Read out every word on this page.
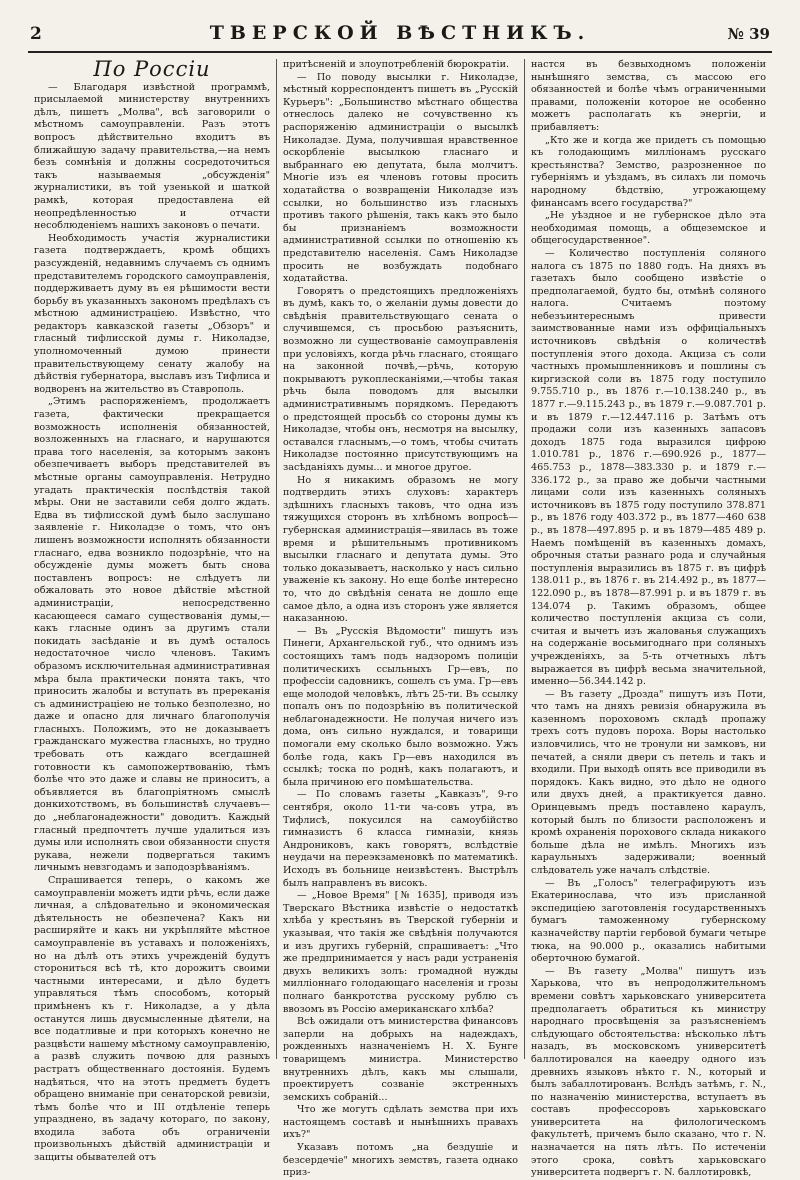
2	ТВЕРСКОЙ ВѢСТНИКЪ.	№ 39
По Россіи

— Благодаря извѣстной программѣ, присылаемой министерству внутреннихъ дѣлъ, пишетъ „Молва", всѣ заговорили о мѣстномъ самоуправленіи. Разъ этотъ вопросъ дѣйствительно входитъ въ ближайшую задачу правительства,—на немъ безъ сомнѣнія и должны сосредоточиться такъ называемыя „обсужденія" журналистики, въ той узенькой и шаткой рамкѣ, которая предоставлена ей неопредѣленностью и отчасти несоблюденіемъ нашихъ законовъ о печати.

Необходимость участія журналистики газета подтверждаетъ, кромѣ общихъ разсужденій, недавнимъ случаемъ съ однимъ представителемъ городского самоуправленія, поддерживаетъ думу въ ея рѣшимости вести борьбу въ указанныхъ закономъ предѣлахъ съ мѣстною администраціею. Извѣстно, что редакторъ кавказской газеты „Обзоръ" и гласный тифлисской думы г. Николадзе, уполномоченный думою принести правительствующему сенату жалобу на дѣйствія губернатора, выславъ изъ Тифлиса и водворенъ на жительство въ Ставрополь.

„Этимъ распоряженіемъ, продолжаетъ газета, фактически прекращается возможность исполненія обязанностей, возложенныхъ на гласнаго, и нарушаются права того населенія, за которымъ законъ обезпечиваетъ выборъ представителей въ мѣстные органы самоуправленія. Нетрудно угадать практическія послѣдствія такой мѣры. Они не заставили себя долго ждать. Едва въ тифлисской думѣ было заслушано заявленіе г. Николадзе о томъ, что онъ лишенъ возможности исполнять обязанности гласнаго, едва возникло подозрѣніе, что на обсужденіе думы можетъ быть снова поставленъ вопросъ: не слѣдуетъ ли обжаловать это новое дѣйствіе мѣстной администраціи, непосредственно касающееся самаго существованія думы,—какъ гласные одинъ за другимъ стали покидать засѣданіе и въ думѣ осталось недостаточное число членовъ. Такимъ образомъ исключительная административная мѣра была практически понята такъ, что приносить жалобы и вступать въ пререканія съ администраціею не только безполезно, но даже и опасно для личнаго благополучія гласныхъ. Положимъ, это не доказываетъ гражданскаго мужества гласныхъ, но трудно требовать отъ каждаго всегдашней готовности къ самопожертвованію, тѣмъ болѣе что это даже и славы не приноситъ, а объявляется въ благопріятномъ смыслѣ донкихотствомъ, въ большинствѣ случаевъ—до „неблагонадежности" доводитъ. Каждый гласный предпочтетъ лучше удалиться изъ думы или исполнять свои обязанности спустя рукава, нежели подвергаться такимъ личнымъ невзгодамъ и заподозрѣваніямъ.

Спрашивается теперь, о какомъ же самоуправленіи можетъ идти рѣчь, если даже личная, а слѣдовательно и экономическая дѣятельность не обезпечена? Какъ ни расширяйте и какъ ни укрѣпляйте мѣстное самоуправленіе въ уставахъ и положеніяхъ, но на дѣлѣ отъ этихъ учрежденій будутъ сторониться всѣ тѣ, кто дорожитъ своими частными интересами, и дѣло будетъ управляться тѣмъ способомъ, который примѣненъ къ г. Николадзе, а у дѣла останутся лишь двусмысленные дѣятели, на все податливые и при которыхъ конечно не разцвѣсти нашему мѣстному самоуправленію, а развѣ служить почвою для разныхъ растратъ общественнаго достоянія. Будемъ надѣяться, что на этотъ предметъ будетъ обращено вниманіе при сенаторской ревизіи, тѣмъ болѣе что и III отдѣленіе теперь упразднено, въ задачу котораго, по закону, входила забота объ ограниченіи произвольныхъ дѣйствій администраціи и защиты обывателей отъ

притѣсненій и злоупотребленій бюрократіи.

— По поводу высылки г. Николадзе, мѣстный корреспондентъ пишетъ въ „Русскій Курьеръ": „Большинство мѣстнаго общества отнеслось далеко не сочувственно къ распоряженію администраціи о высылкѣ Николадзе. Дума, получившая нравственное оскорбленіе высылкою гласнаго и выбраннаго ею депутата, была молчитъ. Многіе изъ ея членовъ готовы просить ходатайства о возвращеніи Николадзе изъ ссылки, но большинство изъ гласныхъ противъ такого рѣшенія, такъ какъ это было бы признаніемъ возможности административной ссылки по отношенію къ представителю населенія. Самъ Николадзе просить не возбуждать подобнаго ходатайства.

Говорятъ о предстоящихъ предложеніяхъ въ думѣ, какъ то, о желаніи думы довести до свѣдѣнія правительствующаго сената о случившемся, съ просьбою разъяснить, возможно ли существованіе самоуправленія при условіяхъ, когда рѣчь гласнаго, стоящаго на законной почвѣ,—рѣчь, которую покрываютъ рукоплесканіями,—чтобы такая рѣчь была поводомъ для высылки административнымъ порядкомъ. Передаютъ о предстоящей просьбѣ со стороны думы къ Николадзе, чтобы онъ, несмотря на высылку, оставался гласнымъ,—о томъ, чтобы считать Николадзе постоянно присутствующимъ на засѣданіяхъ думы... и многое другое.

Но я никакимъ образомъ не могу подтвердить этихъ слуховъ: характеръ здѣшнихъ гласныхъ таковъ, что одна изъ тяжущихся сторонъ въ хлѣбномъ вопросѣ—губернская администрація—явилась въ тоже время и рѣшительнымъ противникомъ высылки гласнаго и депутата думы. Это только доказываетъ, насколько у насъ сильно уваженіе къ закону. Но еще болѣе интересно то, что до свѣдѣнія сената не дошло еще самое дѣло, а одна изъ сторонъ уже является наказанною.

— Въ „Русскія Вѣдомости" пишутъ изъ Пинеги, Архангельской губ., что однимъ изъ состоящихъ тамъ подъ надзоромъ полиціи политическихъ ссыльныхъ Гр—евъ, по профессіи садовникъ, сошелъ съ ума. Гр—евъ еще молодой человѣкъ, лѣтъ 25-ти. Въ ссылку попалъ онъ по подозрѣнію въ политической неблагонадежности. Не получая ничего изъ дома, онъ сильно нуждался, и товарищи помогали ему сколько было возможно. Ужъ болѣе года, какъ Гр—евъ находился въ ссылкѣ; тоска по роднѣ, какъ полагаютъ, и была причиною его помѣшательства.

— По словамъ газеты „Кавказъ", 9-го сентября, около 11-ти ча-совъ утра, въ Тифлисѣ, покусился на самоубійство гимназистъ 6 класса гимназіи, князь Андрониковъ, какъ говорятъ, вслѣдствіе неудачи на переэкзаменовкѣ по математикѣ. Исходъ въ больнице неизвѣстенъ. Выстрѣлъ былъ направленъ въ високъ.

— „Новое Время" [№ 1635], приводя изъ Тверскаго Вѣстника извѣстіе о недостаткѣ хлѣба у крестьянъ въ Тверской губерніи и указывая, что такія же свѣдѣнія получаются и изъ другихъ губерній, спрашиваетъ: „Что же предпринимается у насъ ради устраненія двухъ великихъ золъ: громадной нужды милліоннаго голодающаго населенія и грозы полнаго банкротства русскому рублю съ ввозомъ въ Россію американскаго хлѣба?

Всѣ ожидали отъ министерства финансовъ заперли на добрыхъ на надеждахъ, рожденныхъ назначеніемъ Н. Х. Бунге товарищемъ министра. Министерство внутреннихъ дѣлъ, какъ мы слышали, проектируетъ созваніе экстренныхъ земскихъ собраній...

Что же могутъ сдѣлать земства при ихъ настоящемъ составѣ и нынѣшнихъ правахъ ихъ?"

Указавъ потомъ „на бездушіе и безсердечіе" многихъ земствъ, газета однако приз-

настся въ безвыходномъ положеніи нынѣшняго земства, съ массою его обязанностей и болѣе чѣмъ ограниченными правами, положеніи которое не особенно можетъ располагать къ энергіи, и прибавляетъ:

„Кто же и когда же придетъ съ помощью къ голодающимъ милліонамъ русскаго крестьянства? Земство, разрозненное по губерніямъ и уѣздамъ, въ силахъ ли помочь народному бѣдствію, угрожающему финансамъ всего государства?"

„Не уѣздное и не губернское дѣло эта необходимая помощь, а общеземское и общегосударственное".

— Количество поступленія соляного налога съ 1875 по 1880 годъ. На дняхъ въ газетахъ было сообщено извѣстіе о предполагаемой, будто бы, отмѣнѣ соляного налога. Считаемъ поэтому небезъинтереснымъ привести заимствованные нами изъ оффиціальныхъ источниковъ свѣдѣнія о количествѣ поступленія этого дохода. Акциза съ соли частныхъ промышленниковъ и пошлины съ киргизской соли въ 1875 году поступило 9.755.710 р., въ 1876 г.—10.138.240 р., въ 1877 г.—9.115.243 р., въ 1879 г.—9.087.701 р. и въ 1879 г.—12.447.116 р. Затѣмъ отъ продажи соли изъ казенныхъ запасовъ доходъ 1875 года выразился цифрою 1.010.781 р., 1876 г.—690.926 р., 1877—465.753 р., 1878—383.330 р. и 1879 г.—336.172 р., за право же добычи частными лицами соли изъ казенныхъ соляныхъ источниковъ въ 1875 году поступило 378.871 р., въ 1876 году 403.372 р., въ 1877—460 638 р., въ 1878—497.895 р. и въ 1879—485 489 р. Наемъ помѣщеній въ казенныхъ домахъ, оброчныя статьи разнаго рода и случайныя поступленія выразились въ 1875 г. въ цифрѣ 138.011 р., въ 1876 г. въ 214.492 р., въ 1877—122.090 р., въ 1878—87.991 р. и въ 1879 г. въ 134.074 р. Такимъ образомъ, общее количество поступленія акциза съ соли, считая и вычетъ изъ жалованья служащихъ на содержаніе восьмигоднаго при соляныхъ учрежденіяхъ, за 5-ть отчетныхъ лѣтъ выражается въ цифрѣ весьма значительной, именно—56.344.142 р.

— Въ газету „Дрозда" пишутъ изъ Поти, что тамъ на дняхъ ревизія обнаружила въ казенномъ пороховомъ складѣ пропажу трехъ сотъ пудовъ пороха. Воры настолько изловчились, что не тронули ни замковъ, ни печатей, а сняли двери съ петель и такъ и входили. При выходѣ опять все приводили въ порядокъ. Какъ видно, это дѣло не одного или двухъ дней, а практикуется давно. Оринцевымъ предъ поставлено караулъ, который былъ по близости расположенъ и кромѣ охраненія порохового склада никакого больше дѣла не имѣлъ. Многихъ изъ караульныхъ задерживали; военный слѣдователь уже началъ слѣдствіе.

— Въ „Голосъ" телеграфируютъ изъ Екатеринослава, что изъ присланной экспедиціею заготовленія государственныхъ бумагъ таможенному губернскому казначейству партіи гербовой бумаги четыре тюка, на 90.000 р., оказались набитыми оберточною бумагой.

— Въ газету „Молва" пишутъ изъ Харькова, что въ непродолжительномъ времени совѣтъ харьковскаго университета предполагаетъ обратиться къ министру народнаго просвѣщенія за разъясненіемъ слѣдующаго обстоятельства: нѣсколько лѣтъ назадъ, въ московскомъ университетѣ баллотировался на каѳедру одного изъ древнихъ языковъ нѣкто г. N., который и былъ забаллотированъ. Вслѣдъ затѣмъ, г. N., по назначенію министерства, вступаетъ въ составъ профессоровъ харьковскаго университета на филологическомъ факультетѣ, причемъ было сказано, что г. N. назначается на пять лѣтъ. По истеченіи этого срока, совѣтъ харьковскаго университета подвергъ г. N. баллотировкѣ,
